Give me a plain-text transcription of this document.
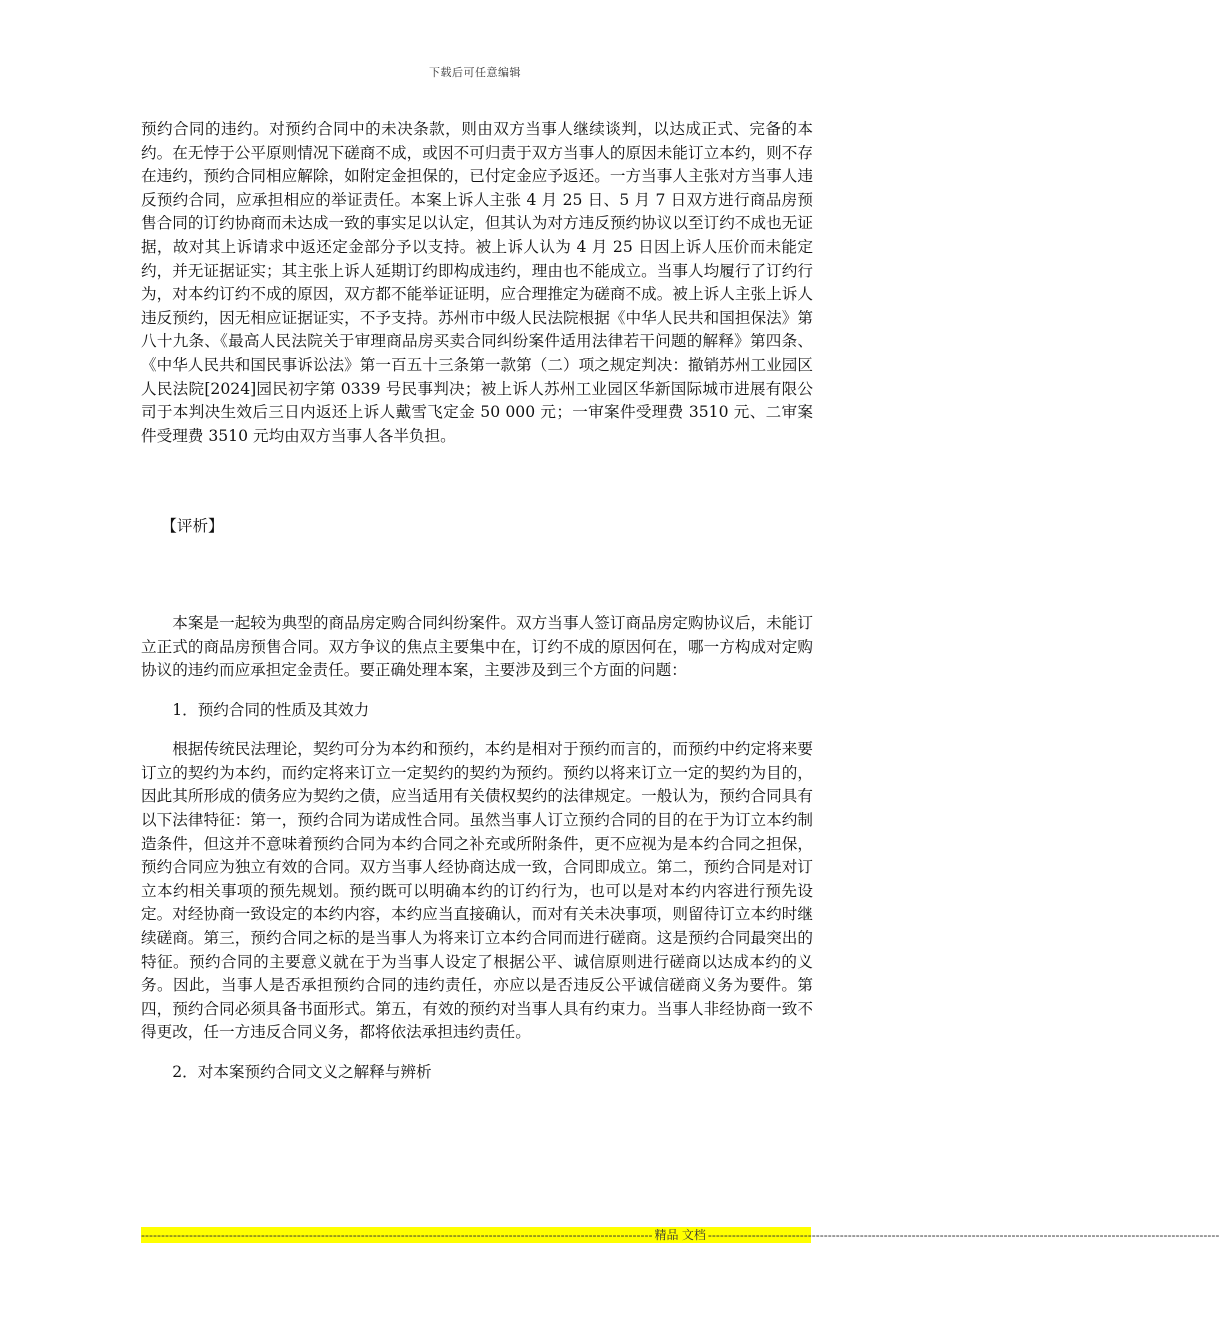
下载后可任意编辑

预约合同的违约。对预约合同中的未决条款，则由双方当事人继续谈判，以达成正式、完备的本约。在无悖于公平原则情况下磋商不成，或因不可归责于双方当事人的原因未能订立本约，则不存在违约，预约合同相应解除，如附定金担保的，已付定金应予返还。一方当事人主张对方当事人违反预约合同，应承担相应的举证责任。本案上诉人主张 4 月 25 日、5 月 7 日双方进行商品房预售合同的订约协商而未达成一致的事实足以认定，但其认为对方违反预约协议以至订约不成也无证据，故对其上诉请求中返还定金部分予以支持。被上诉人认为 4 月 25 日因上诉人压价而未能定约，并无证据证实；其主张上诉人延期订约即构成违约，理由也不能成立。当事人均履行了订约行为，对本约订约不成的原因，双方都不能举证证明，应合理推定为磋商不成。被上诉人主张上诉人违反预约，因无相应证据证实，不予支持。苏州市中级人民法院根据《中华人民共和国担保法》第八十九条、《最高人民法院关于审理商品房买卖合同纠纷案件适用法律若干问题的解释》第四条、《中华人民共和国民事诉讼法》第一百五十三条第一款第（二）项之规定判决：撤销苏州工业园区人民法院[2024]园民初字第 0339 号民事判决；被上诉人苏州工业园区华新国际城市进展有限公司于本判决生效后三日内返还上诉人戴雪飞定金 50 000 元；一审案件受理费 3510 元、二审案件受理费 3510 元均由双方当事人各半负担。

【评析】

本案是一起较为典型的商品房定购合同纠纷案件。双方当事人签订商品房定购协议后，未能订立正式的商品房预售合同。双方争议的焦点主要集中在，订约不成的原因何在，哪一方构成对定购协议的违约而应承担定金责任。要正确处理本案，主要涉及到三个方面的问题：

1．预约合同的性质及其效力

根据传统民法理论，契约可分为本约和预约，本约是相对于预约而言的，而预约中约定将来要订立的契约为本约，而约定将来订立一定契约的契约为预约。预约以将来订立一定的契约为目的，因此其所形成的债务应为契约之债，应当适用有关债权契约的法律规定。一般认为，预约合同具有以下法律特征：第一，预约合同为诺成性合同。虽然当事人订立预约合同的目的在于为订立本约制造条件，但这并不意味着预约合同为本约合同之补充或所附条件，更不应视为是本约合同之担保，预约合同应为独立有效的合同。双方当事人经协商达成一致，合同即成立。第二，预约合同是对订立本约相关事项的预先规划。预约既可以明确本约的订约行为，也可以是对本约内容进行预先设定。对经协商一致设定的本约内容，本约应当直接确认，而对有关未决事项，则留待订立本约时继续磋商。第三，预约合同之标的是当事人为将来订立本约合同而进行磋商。这是预约合同最突出的特征。预约合同的主要意义就在于为当事人设定了根据公平、诚信原则进行磋商以达成本约的义务。因此，当事人是否承担预约合同的违约责任，亦应以是否违反公平诚信磋商义务为要件。第四，预约合同必须具备书面形式。第五，有效的预约对当事人具有约束力。当事人非经协商一致不得更改，任一方违反合同义务，都将依法承担违约责任。

2．对本案预约合同文义之解释与辨析

-------------------------------------------------------------------------------------------------------------------------------- 精品 文档 --------------------------------------------------------------------------------------------------------------------------------
